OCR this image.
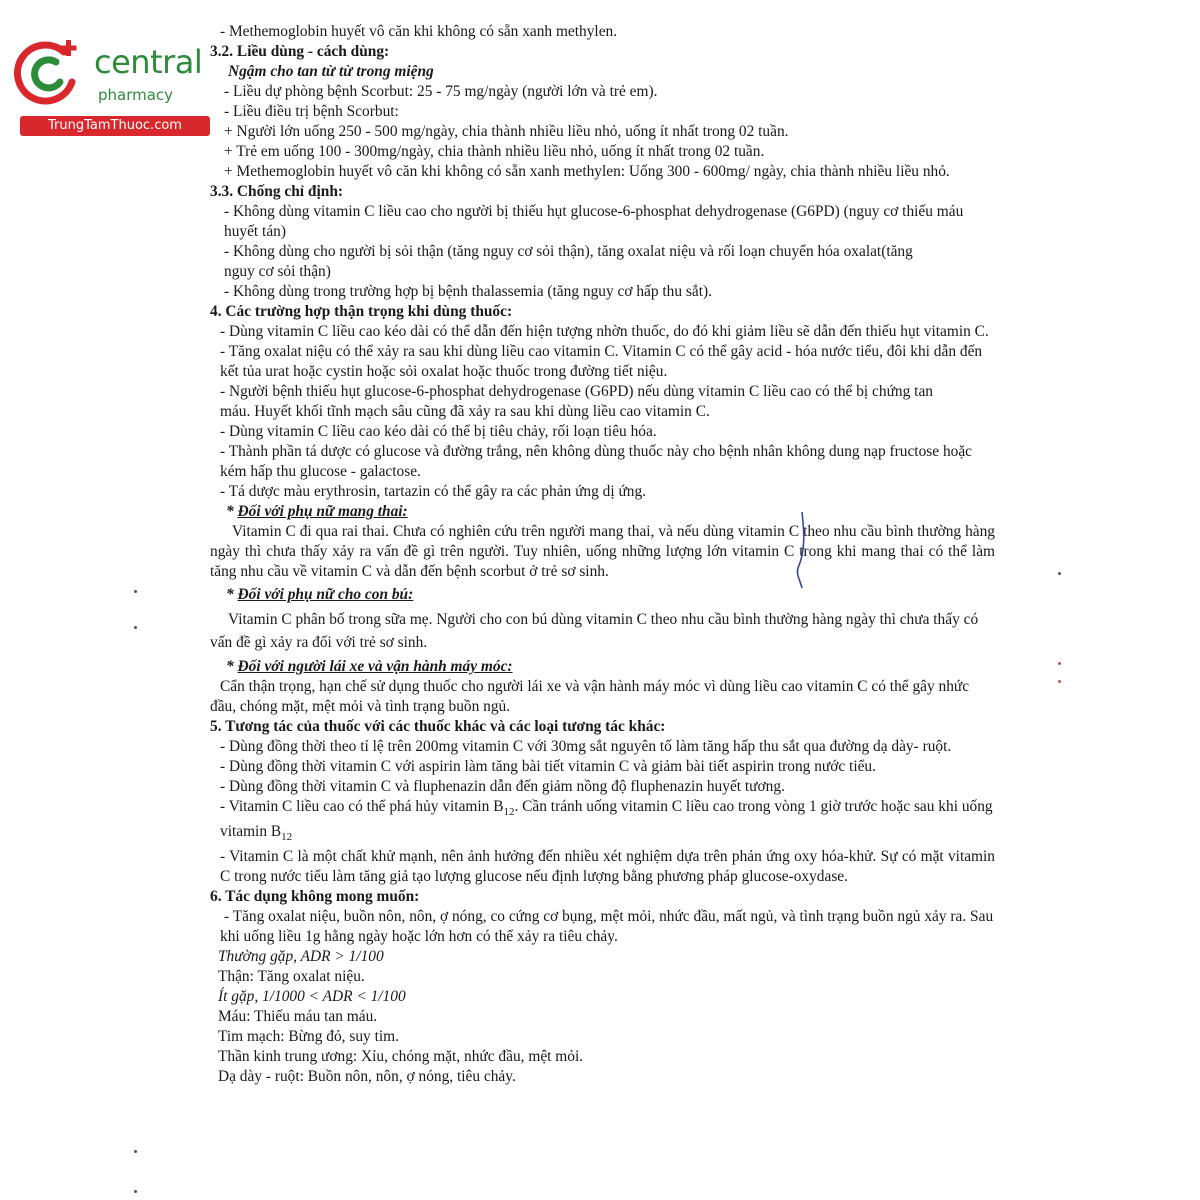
central
pharmacy
TrungTamThuoc.com

- Methemoglobin huyết vô căn khi không có sẵn xanh methylen.

3.2. Liều dùng - cách dùng:

Ngậm cho tan từ từ trong miệng

- Liều dự phòng bệnh Scorbut: 25 - 75 mg/ngày (người lớn và trẻ em).

- Liều điều trị bệnh Scorbut:

+ Người lớn uống 250 - 500 mg/ngày, chia thành nhiều liều nhỏ, uống ít nhất trong 02 tuần.

+ Trẻ em uống 100 - 300mg/ngày, chia thành nhiều liều nhỏ, uống ít nhất trong 02 tuần.

+ Methemoglobin huyết vô căn khi không có sẵn xanh methylen: Uống 300 - 600mg/ ngày, chia thành nhiều liều nhỏ.

3.3. Chống chỉ định:

- Không dùng vitamin C liều cao cho người bị thiếu hụt glucose-6-phosphat dehydrogenase (G6PD) (nguy cơ thiếu máu huyết tán)

- Không dùng cho người bị sỏi thận (tăng nguy cơ sỏi thận), tăng oxalat niệu và rối loạn chuyển hóa oxalat(tăng nguy cơ sỏi thận)

- Không dùng trong trường hợp bị bệnh thalassemia (tăng nguy cơ hấp thu sắt).

4. Các trường hợp thận trọng khi dùng thuốc:

- Dùng vitamin C liều cao kéo dài có thể dẫn đến hiện tượng nhờn thuốc, do đó khi giảm liều sẽ dẫn đến thiếu hụt vitamin C.

- Tăng oxalat niệu có thể xảy ra sau khi dùng liều cao vitamin C. Vitamin C có thể gây acid - hóa nước tiểu, đôi khi dẫn đến kết tủa urat hoặc cystin hoặc sỏi oxalat hoặc thuốc trong đường tiết niệu.

- Người bệnh thiếu hụt glucose-6-phosphat dehydrogenase (G6PD) nếu dùng vitamin C liều cao có thể bị chứng tan máu. Huyết khối tĩnh mạch sâu cũng đã xảy ra sau khi dùng liều cao vitamin C.

- Dùng vitamin C liều cao kéo dài có thể bị tiêu chảy, rối loạn tiêu hóa.

- Thành phần tá dược có glucose và đường trắng, nên không dùng thuốc này cho bệnh nhân không dung nạp fructose hoặc kém hấp thu glucose - galactose.

- Tá dược màu erythrosin, tartazin có thể gây ra các phản ứng dị ứng.

* Đối với phụ nữ mang thai:

Vitamin C đi qua rai thai. Chưa có nghiên cứu trên người mang thai, và nếu dùng vitamin C theo nhu cầu bình thường hàng ngày thì chưa thấy xảy ra vấn đề gì trên người. Tuy nhiên, uống những lượng lớn vitamin C trong khi mang thai có thể làm tăng nhu cầu về vitamin C và dẫn đến bệnh scorbut ở trẻ sơ sinh.

* Đối với phụ nữ cho con bú:

Vitamin C phân bố trong sữa mẹ. Người cho con bú dùng vitamin C theo nhu cầu bình thường hàng ngày thì chưa thấy có vấn đề gì xảy ra đối với trẻ sơ sinh.

* Đối với người lái xe và vận hành máy móc:

Cẩn thận trọng, hạn chế sử dụng thuốc cho người lái xe và vận hành máy móc vì dùng liều cao vitamin C có thể gây nhức đầu, chóng mặt, mệt mỏi và tình trạng buồn ngủ.

5. Tương tác của thuốc với các thuốc khác và các loại tương tác khác:

- Dùng đồng thời theo tỉ lệ trên 200mg vitamin C với 30mg sắt nguyên tố làm tăng hấp thu sắt qua đường dạ dày- ruột.

- Dùng đồng thời vitamin C với aspirin làm tăng bài tiết vitamin C và giảm bài tiết aspirin trong nước tiểu.

- Dùng đồng thời vitamin C và fluphenazin dẫn đến giảm nồng độ fluphenazin huyết tương.

- Vitamin C liều cao có thể phá hủy vitamin $B_{12}$. Cần tránh uống vitamin C liều cao trong vòng 1 giờ trước hoặc sau khi uống vitamin $B_{12}$

- Vitamin C là một chất khử mạnh, nên ảnh hưởng đến nhiều xét nghiệm dựa trên phản ứng oxy hóa-khử. Sự có mặt vitamin C trong nước tiểu làm tăng giả tạo lượng glucose nếu định lượng bằng phương pháp glucose-oxydase.

6. Tác dụng không mong muốn:

- Tăng oxalat niệu, buồn nôn, nôn, ợ nóng, co cứng cơ bụng, mệt mỏi, nhức đầu, mất ngủ, và tình trạng buồn ngủ xảy ra. Sau khi uống liều 1g hằng ngày hoặc lớn hơn có thể xảy ra tiêu chảy.

Thường gặp, ADR > 1/100

Thận: Tăng oxalat niệu.

Ít gặp, 1/1000 < ADR < 1/100

Máu: Thiếu máu tan máu.

Tim mạch: Bừng đỏ, suy tim.

Thần kinh trung ương: Xỉu, chóng mặt, nhức đầu, mệt mỏi.

Dạ dày - ruột: Buồn nôn, nôn, ợ nóng, tiêu chảy.
